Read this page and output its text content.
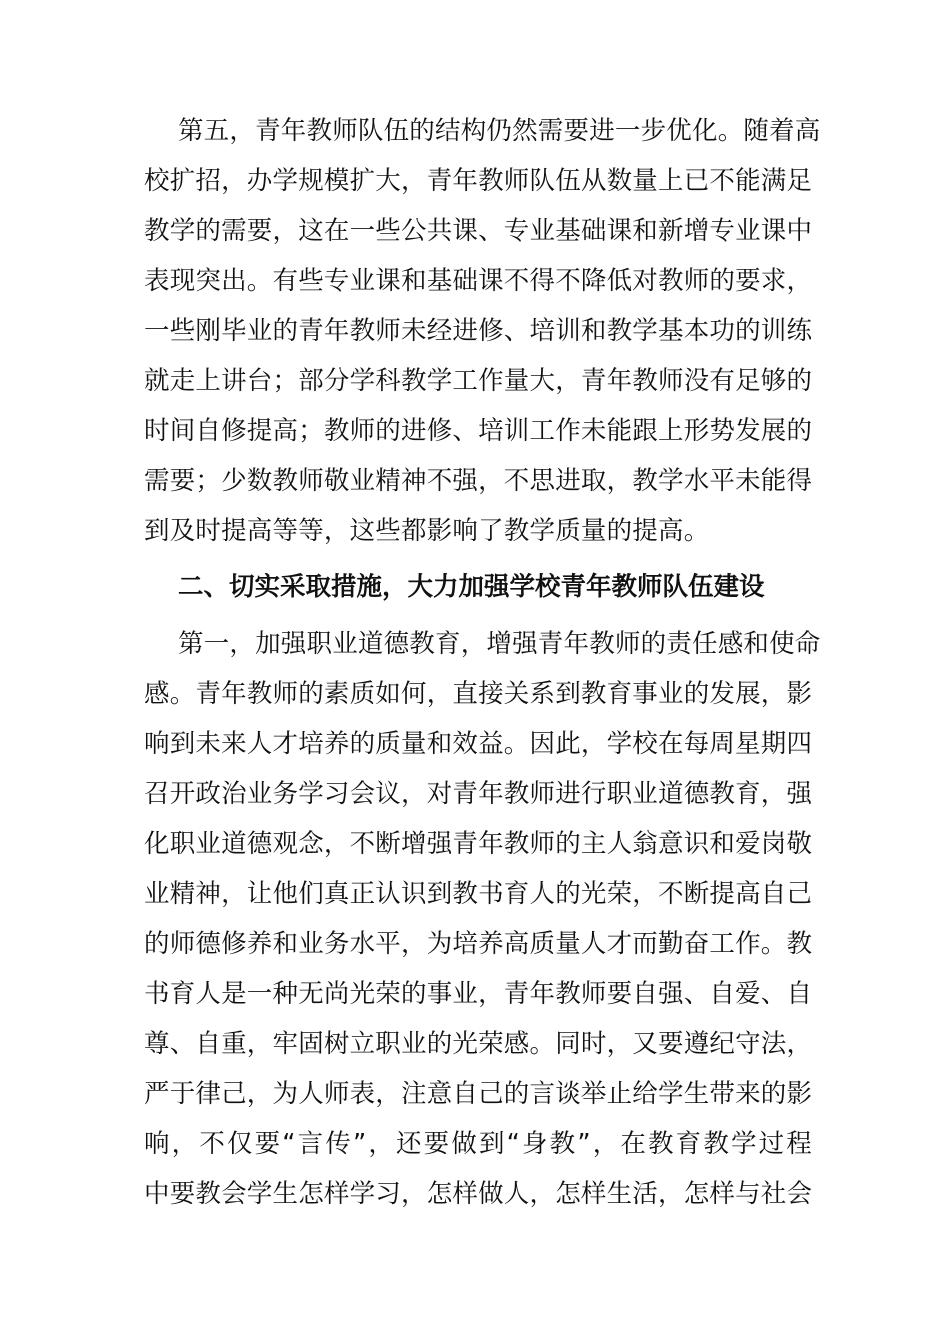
第五，青年教师队伍的结构仍然需要进一步优化。随着高
校扩招，办学规模扩大，青年教师队伍从数量上已不能满足
教学的需要，这在一些公共课、专业基础课和新增专业课中
表现突出。有些专业课和基础课不得不降低对教师的要求，
一些刚毕业的青年教师未经进修、培训和教学基本功的训练
就走上讲台；部分学科教学工作量大，青年教师没有足够的
时间自修提高；教师的进修、培训工作未能跟上形势发展的
需要；少数教师敬业精神不强，不思进取，教学水平未能得
到及时提高等等，这些都影响了教学质量的提高。
二、切实采取措施，大力加强学校青年教师队伍建设
第一，加强职业道德教育，增强青年教师的责任感和使命
感。青年教师的素质如何，直接关系到教育事业的发展，影
响到未来人才培养的质量和效益。因此，学校在每周星期四
召开政治业务学习会议，对青年教师进行职业道德教育，强
化职业道德观念，不断增强青年教师的主人翁意识和爱岗敬
业精神，让他们真正认识到教书育人的光荣，不断提高自己
的师德修养和业务水平，为培养高质量人才而勤奋工作。教
书育人是一种无尚光荣的事业，青年教师要自强、自爱、自
尊、自重，牢固树立职业的光荣感。同时，又要遵纪守法，
严于律己，为人师表，注意自己的言谈举止给学生带来的影
响，不仅要“言传”，还要做到“身教”，在教育教学过程
中要教会学生怎样学习，怎样做人，怎样生活，怎样与社会
